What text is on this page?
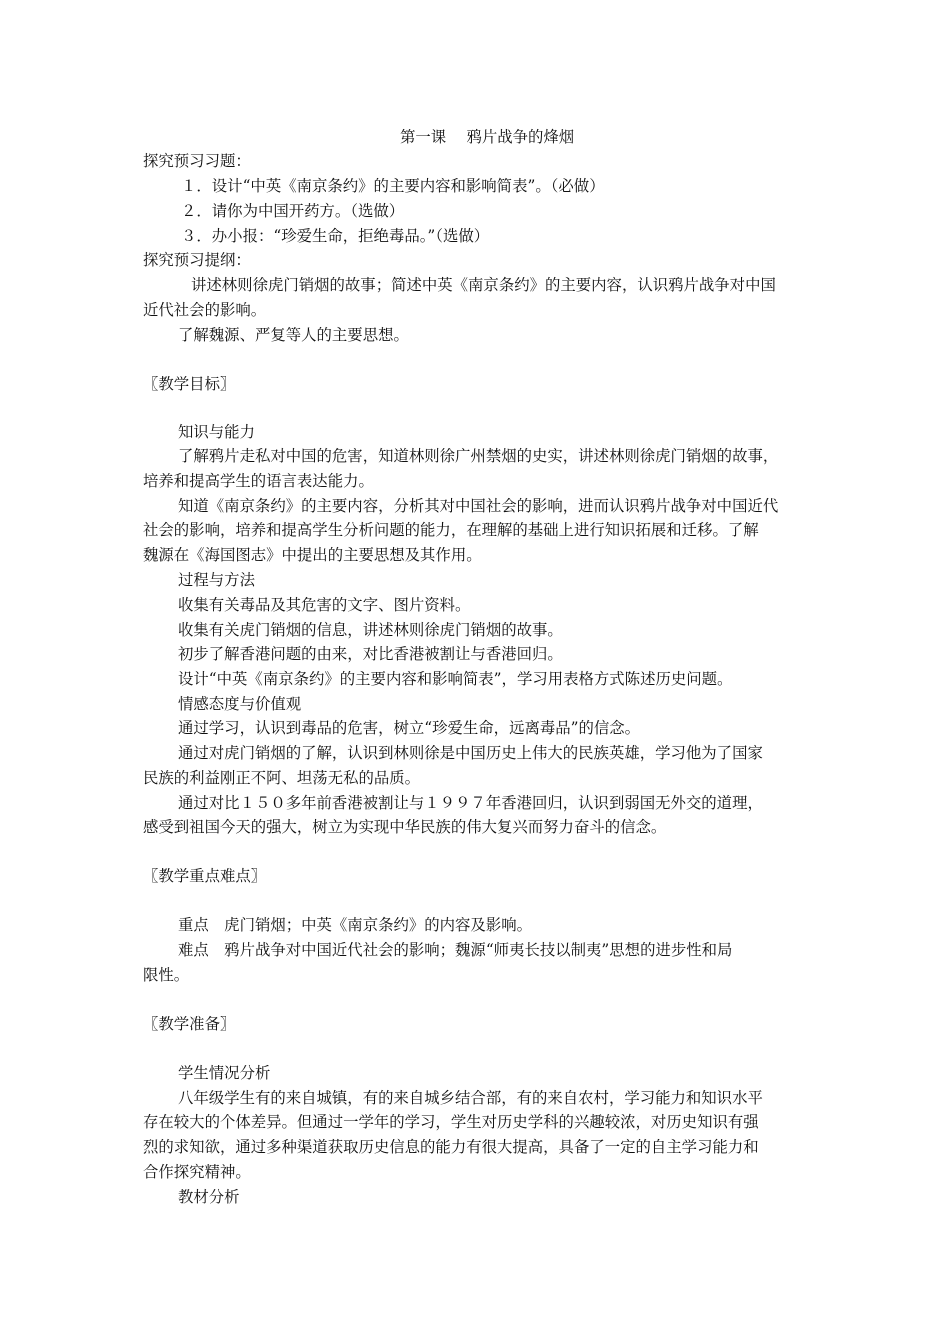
第一课　 鸦片战争的烽烟
探究预习习题：
１．设计“中英《南京条约》的主要内容和影响简表”。（必做）
２．请你为中国开药方。（选做）
３．办小报：“珍爱生命，拒绝毒品。”（选做）
探究预习提纲：
讲述林则徐虎门销烟的故事；简述中英《南京条约》的主要内容，认识鸦片战争对中国
近代社会的影响。
了解魏源、严复等人的主要思想。
〖教学目标〗
知识与能力
了解鸦片走私对中国的危害，知道林则徐广州禁烟的史实，讲述林则徐虎门销烟的故事，
培养和提高学生的语言表达能力。
知道《南京条约》的主要内容，分析其对中国社会的影响，进而认识鸦片战争对中国近代
社会的影响，培养和提高学生分析问题的能力，在理解的基础上进行知识拓展和迁移。了解
魏源在《海国图志》中提出的主要思想及其作用。
过程与方法
收集有关毒品及其危害的文字、图片资料。
收集有关虎门销烟的信息，讲述林则徐虎门销烟的故事。
初步了解香港问题的由来，对比香港被割让与香港回归。
设计“中英《南京条约》的主要内容和影响简表”，学习用表格方式陈述历史问题。
情感态度与价值观
通过学习，认识到毒品的危害，树立“珍爱生命，远离毒品”的信念。
通过对虎门销烟的了解，认识到林则徐是中国历史上伟大的民族英雄，学习他为了国家
民族的利益刚正不阿、坦荡无私的品质。
通过对比１５０多年前香港被割让与１９９７年香港回归，认识到弱国无外交的道理，
感受到祖国今天的强大，树立为实现中华民族的伟大复兴而努力奋斗的信念。
〖教学重点难点〗
重点　虎门销烟；中英《南京条约》的内容及影响。
难点　鸦片战争对中国近代社会的影响；魏源“师夷长技以制夷”思想的进步性和局
限性。
〖教学准备〗
学生情况分析
八年级学生有的来自城镇，有的来自城乡结合部，有的来自农村，学习能力和知识水平
存在较大的个体差异。但通过一学年的学习，学生对历史学科的兴趣较浓，对历史知识有强
烈的求知欲，通过多种渠道获取历史信息的能力有很大提高，具备了一定的自主学习能力和
合作探究精神。
教材分析
